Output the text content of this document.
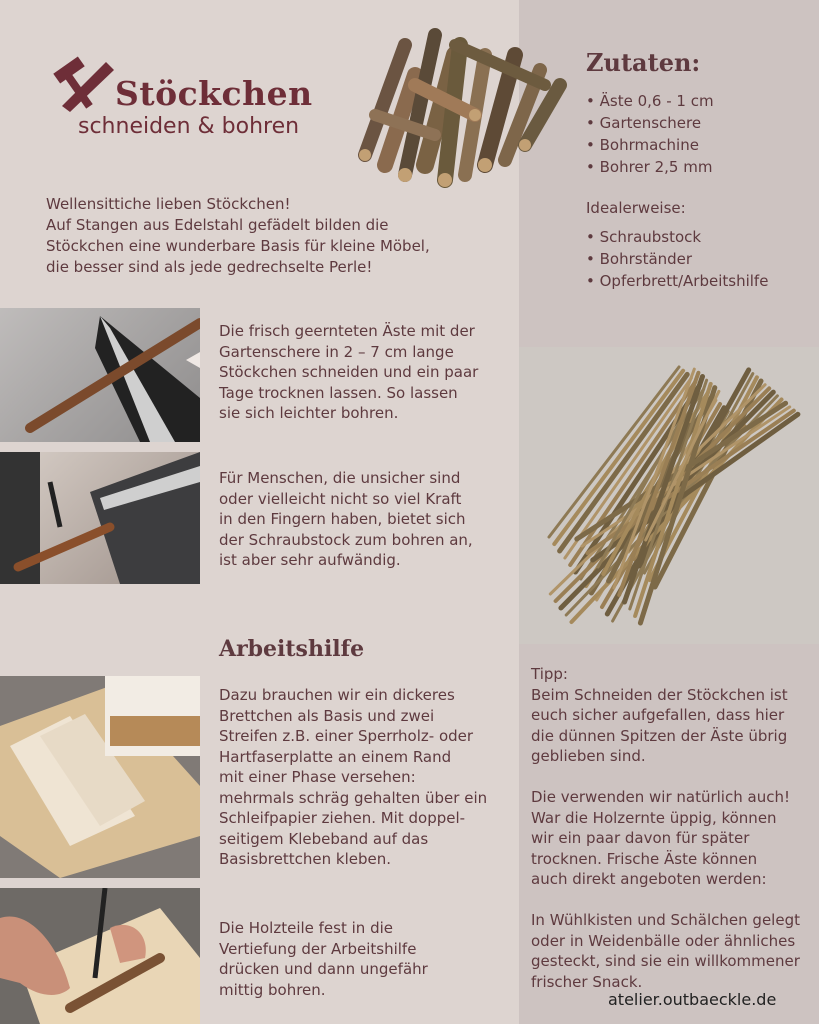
Stöckchen
schneiden & bohren
Wellensittiche lieben Stöckchen!
Auf Stangen aus Edelstahl gefädelt bilden die
Stöckchen eine wunderbare Basis für kleine Möbel,
die besser sind als jede gedrechselte Perle!
Zutaten:
• Äste 0,6 - 1 cm
• Gartenschere
• Bohrmachine
• Bohrer 2,5 mm
Idealerweise:
• Schraubstock
• Bohrständer
• Opferbrett/Arbeitshilfe
Die frisch geernteten Äste mit der
Gartenschere in 2 – 7 cm lange
Stöckchen schneiden und ein paar
Tage trocknen lassen. So lassen
sie sich leichter bohren.
Für Menschen, die unsicher sind
oder vielleicht nicht so viel Kraft
in den Fingern haben, bietet sich
der Schraubstock zum bohren an,
ist aber sehr aufwändig.
Arbeitshilfe
Dazu brauchen wir ein dickeres
Brettchen als Basis und zwei
Streifen z.B. einer Sperrholz- oder
Hartfaserplatte an einem Rand
mit einer Phase versehen:
mehrmals schräg gehalten über ein
Schleifpapier ziehen. Mit doppel-
seitigem Klebeband auf das
Basisbrettchen kleben.
Die Holzteile fest in die
Vertiefung der Arbeitshilfe
drücken und dann ungefähr
mittig bohren.
Tipp:
Beim Schneiden der Stöckchen ist
euch sicher aufgefallen, dass hier
die dünnen Spitzen der Äste übrig
geblieben sind.

Die verwenden wir natürlich auch!
War die Holzernte üppig, können
wir ein paar davon für später
trocknen. Frische Äste können
auch direkt angeboten werden:

In Wühlkisten und Schälchen gelegt
oder in Weidenbälle oder ähnliches
gesteckt, sind sie ein willkommener
frischer Snack.
atelier.outbaeckle.de
